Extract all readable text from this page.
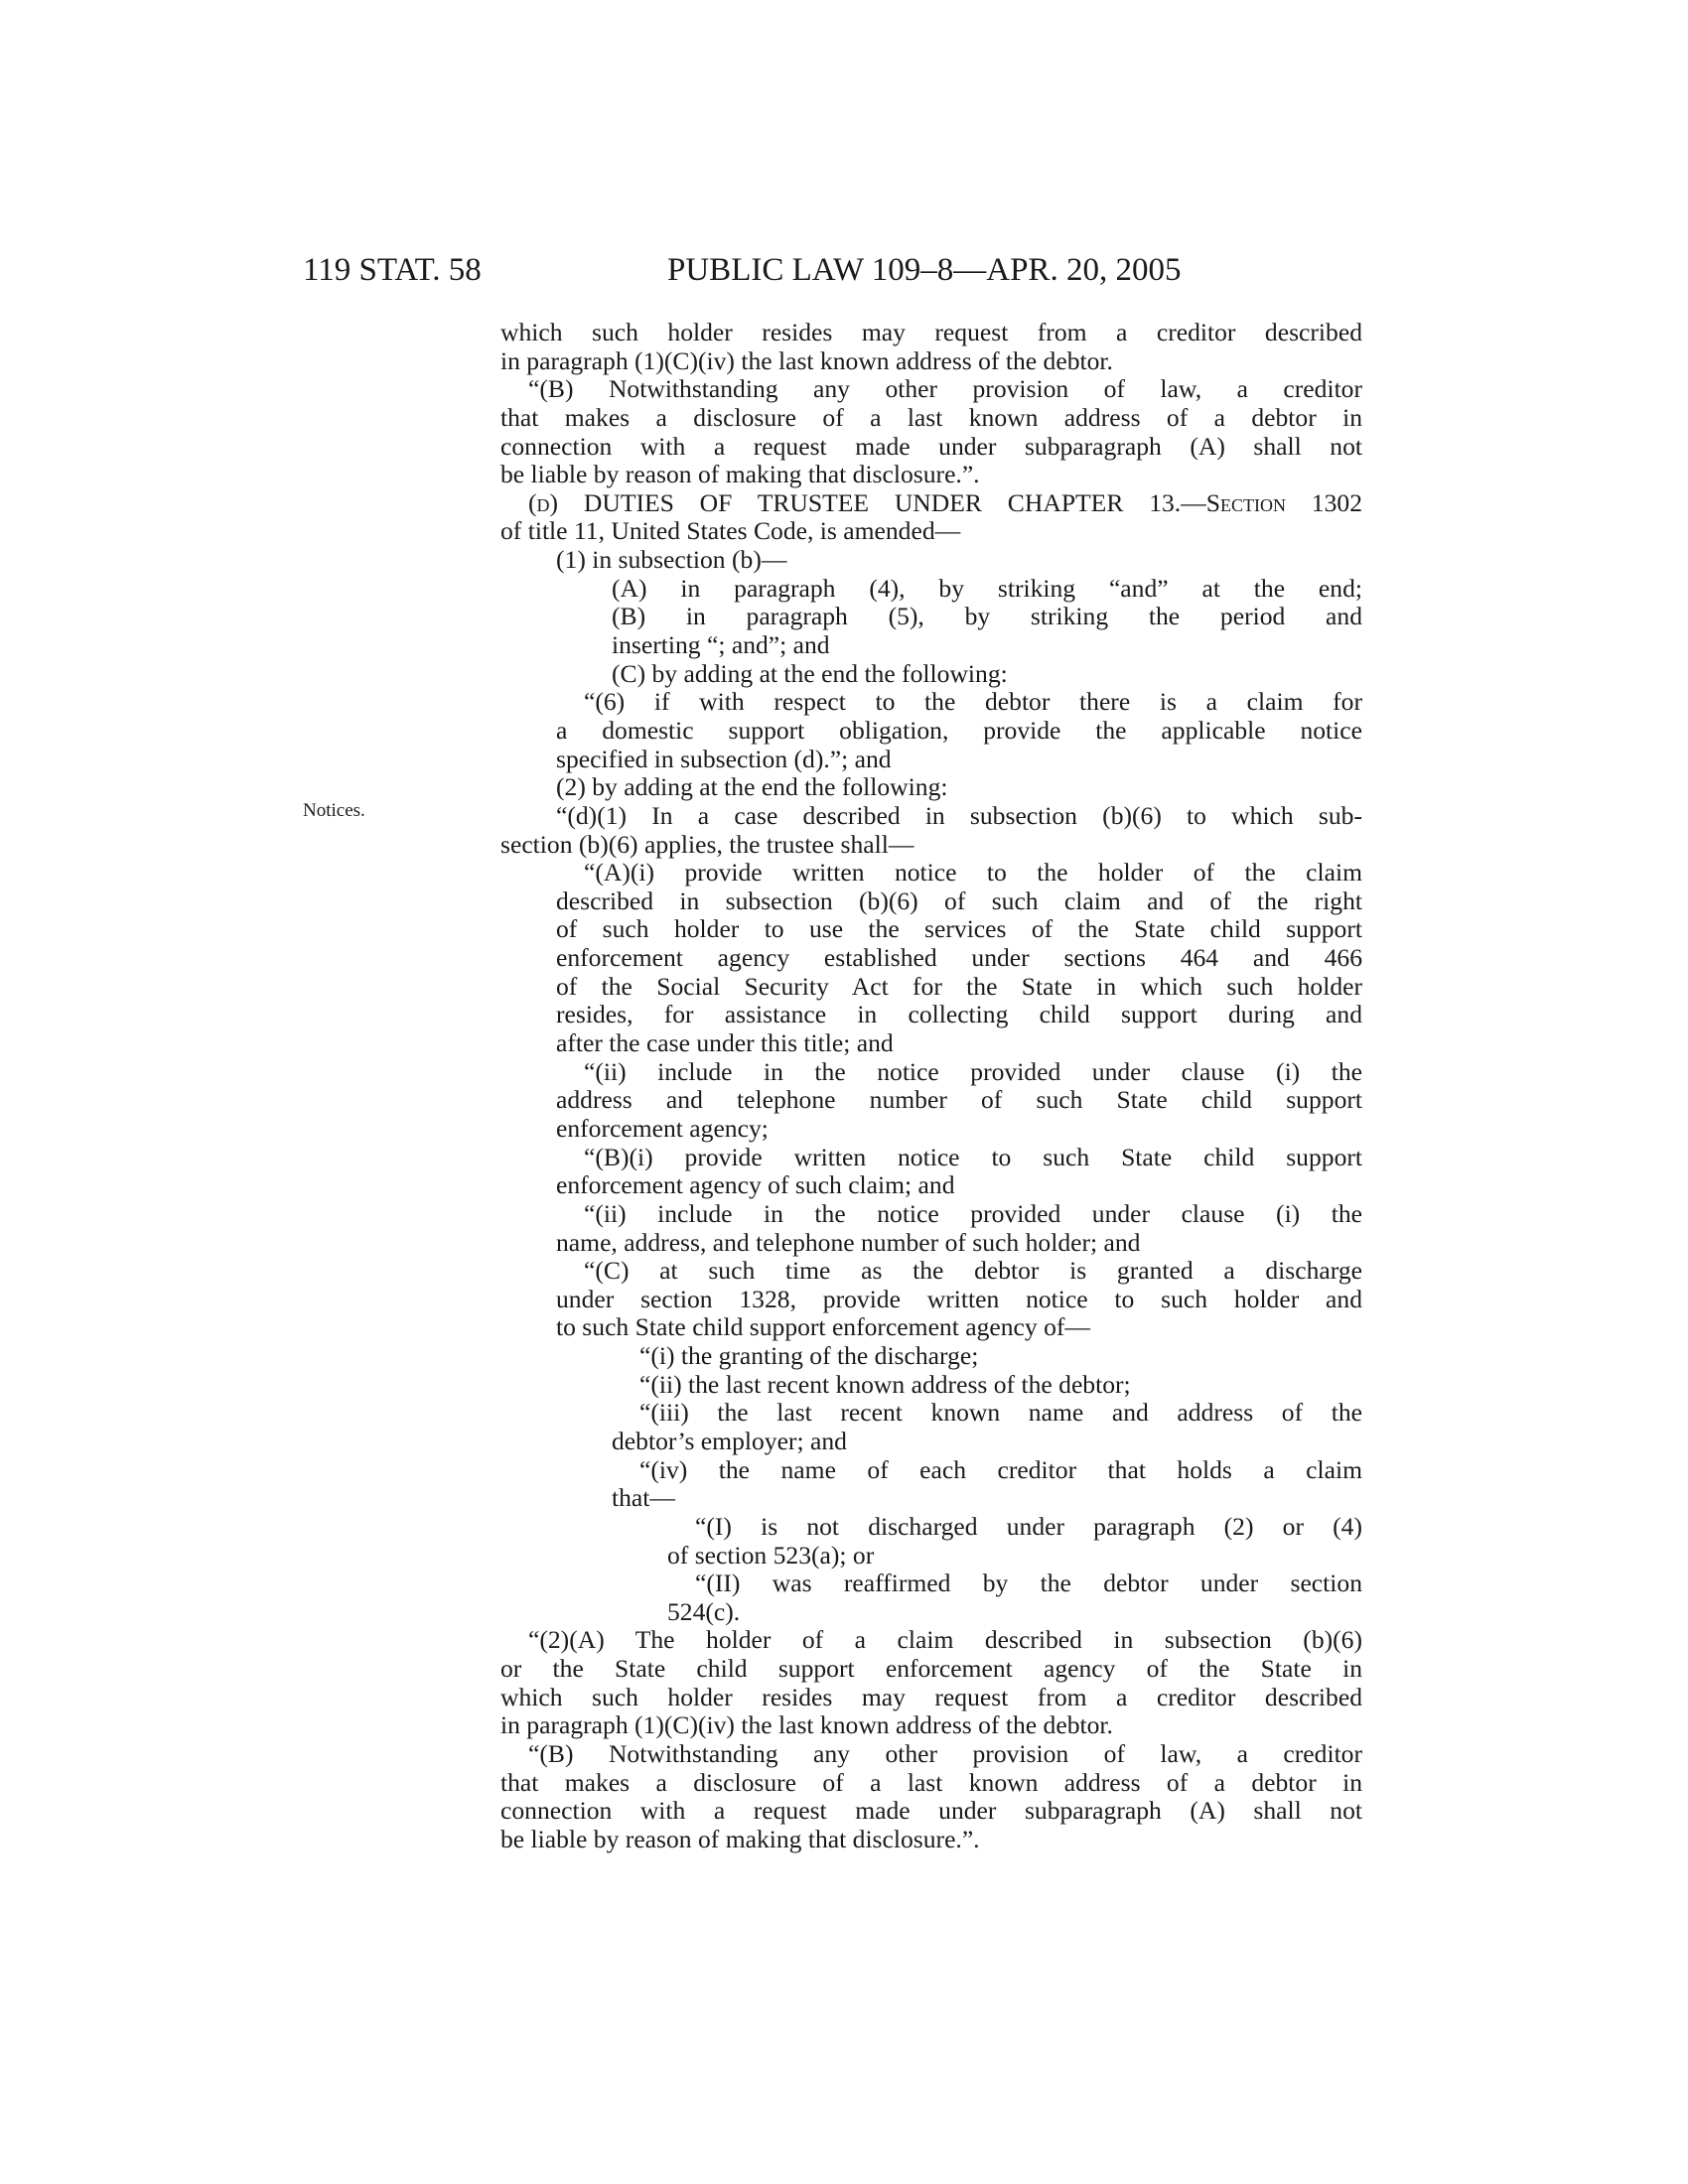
119 STAT. 58	PUBLIC LAW 109–8—APR. 20, 2005
Notices.
which such holder resides may request from a creditor described
in paragraph (1)(C)(iv) the last known address of the debtor.
“(B) Notwithstanding any other provision of law, a creditor
that makes a disclosure of a last known address of a debtor in
connection with a request made under subparagraph (A) shall not
be liable by reason of making that disclosure.”.
(d) DUTIES OF TRUSTEE UNDER CHAPTER 13.—Section 1302
of title 11, United States Code, is amended—
(1) in subsection (b)—
(A) in paragraph (4), by striking “and” at the end;
(B) in paragraph (5), by striking the period and
inserting “; and”; and
(C) by adding at the end the following:
“(6) if with respect to the debtor there is a claim for
a domestic support obligation, provide the applicable notice
specified in subsection (d).”; and
(2) by adding at the end the following:
“(d)(1) In a case described in subsection (b)(6) to which sub-
section (b)(6) applies, the trustee shall—
“(A)(i) provide written notice to the holder of the claim
described in subsection (b)(6) of such claim and of the right
of such holder to use the services of the State child support
enforcement agency established under sections 464 and 466
of the Social Security Act for the State in which such holder
resides, for assistance in collecting child support during and
after the case under this title; and
“(ii) include in the notice provided under clause (i) the
address and telephone number of such State child support
enforcement agency;
“(B)(i) provide written notice to such State child support
enforcement agency of such claim; and
“(ii) include in the notice provided under clause (i) the
name, address, and telephone number of such holder; and
“(C) at such time as the debtor is granted a discharge
under section 1328, provide written notice to such holder and
to such State child support enforcement agency of—
“(i) the granting of the discharge;
“(ii) the last recent known address of the debtor;
“(iii) the last recent known name and address of the
debtor’s employer; and
“(iv) the name of each creditor that holds a claim
that—
“(I) is not discharged under paragraph (2) or (4)
of section 523(a); or
“(II) was reaffirmed by the debtor under section
524(c).
“(2)(A) The holder of a claim described in subsection (b)(6)
or the State child support enforcement agency of the State in
which such holder resides may request from a creditor described
in paragraph (1)(C)(iv) the last known address of the debtor.
“(B) Notwithstanding any other provision of law, a creditor
that makes a disclosure of a last known address of a debtor in
connection with a request made under subparagraph (A) shall not
be liable by reason of making that disclosure.”.
